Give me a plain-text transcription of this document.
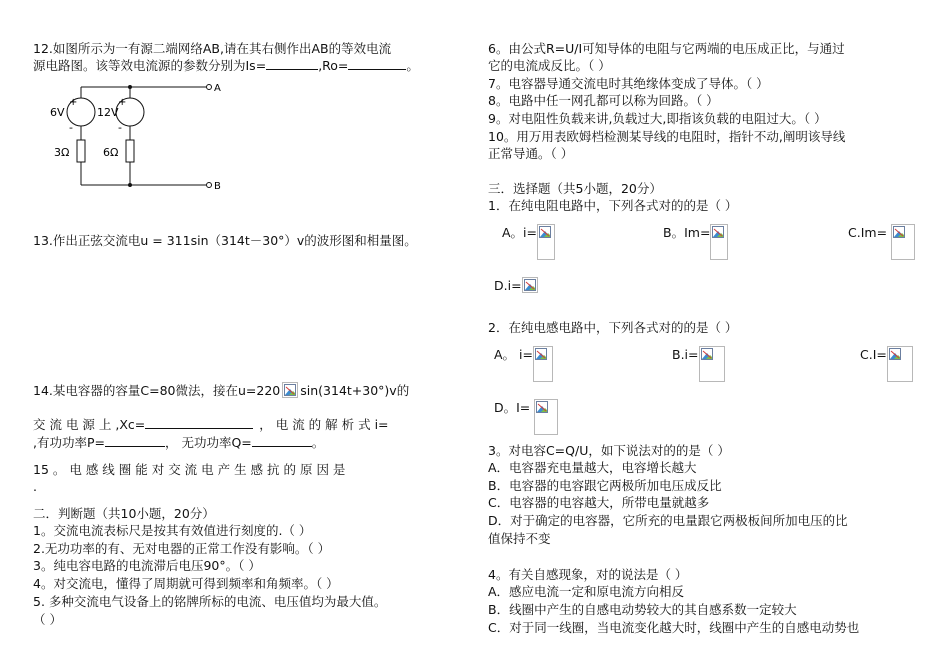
12.如图所示为一有源二端网络AB,请在其右侧作出AB的等效电流
源电路图。该等效电流源的参数分别为Is=	,Ro=	。
6V	12V
+
-
+
-
3Ω	6Ω
A
B
13.作出正弦交流电u = 311sin（314t－30°）v的波形图和相量图。
14.某电容器的容量C=80微法，接在u=220 sin(314t+30°)v的
交 流 电 源 上 ,Xc=	， 电 流 的 解 析 式 i=
,有功功率P=	， 无功功率Q=	。
15 。 电 感 线 圈 能 对 交 流 电 产 生 感 抗 的 原 因 是
.
二．判断题（共10小题，20分）
1。交流电流表标尺是按其有效值进行刻度的.（ ）
2.无功功率的有、无对电器的正常工作没有影响。（ ）
3。纯电容电路的电流滞后电压90°。（ ）
4。对交流电，懂得了周期就可得到频率和角频率。（ ）
5. 多种交流电气设备上的铭牌所标的电流、电压值均为最大值。
（ ）
6。由公式R=U/I可知导体的电阻与它两端的电压成正比，与通过
它的电流成反比。（ ）
7。电容器导通交流电时其绝缘体变成了导体。（ ）
8。电路中任一网孔都可以称为回路。（ ）
9。对电阻性负载来讲,负载过大,即指该负载的电阻过大。（ ）
10。用万用表欧姆档检测某导线的电阻时，指针不动,阐明该导线
正常导通。（ ）
三．选择题（共5小题，20分）
1．在纯电阻电路中，下列各式对的的是（ ）
A。i=	B。Im=	C.Im=
D.i=
2．在纯电感电路中，下列各式对的的是（ ）
A。 i=	B.i=	C.I=
D。I=
3。对电容C=Q/U，如下说法对的的是（ ）
A．电容器充电量越大，电容增长越大
B．电容器的电容跟它两极所加电压成反比
C．电容器的电容越大，所带电量就越多
D．对于确定的电容器，它所充的电量跟它两极板间所加电压的比
值保持不变
4。有关自感现象，对的说法是（ ）
A．感应电流一定和原电流方向相反
B．线圈中产生的自感电动势较大的其自感系数一定较大
C．对于同一线圈，当电流变化越大时，线圈中产生的自感电动势也
